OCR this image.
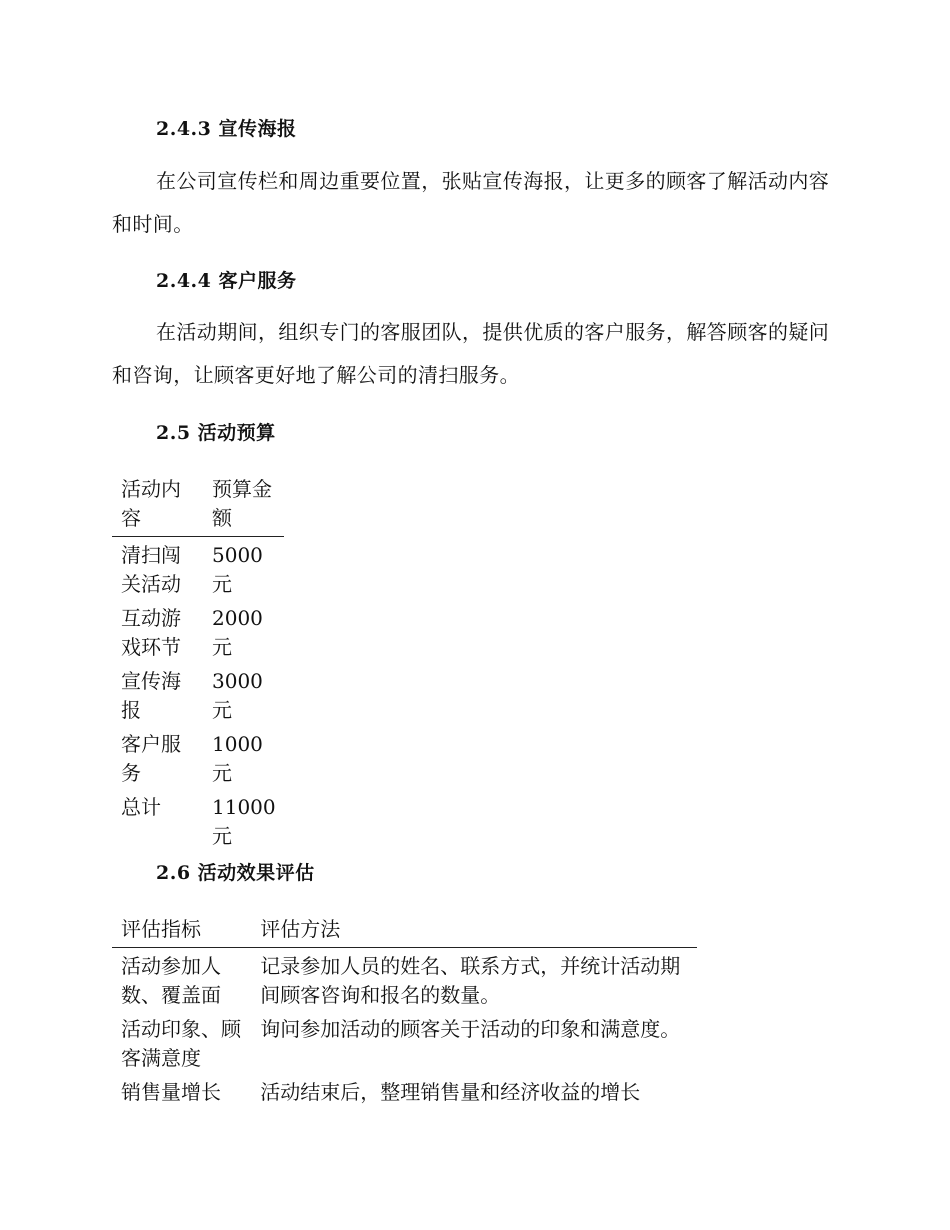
2.4.3 宣传海报
在公司宣传栏和周边重要位置，张贴宣传海报，让更多的顾客了解活动内容和时间。
2.4.4 客户服务
在活动期间，组织专门的客服团队，提供优质的客户服务，解答顾客的疑问和咨询，让顾客更好地了解公司的清扫服务。
2.5 活动预算
活动内容	预算金额
清扫闯关活动	5000元
互动游戏环节	2000元
宣传海报	3000元
客户服务	1000元
总计	11000元
2.6 活动效果评估
评估指标	评估方法
活动参加人数、覆盖面	记录参加人员的姓名、联系方式，并统计活动期间顾客咨询和报名的数量。
活动印象、顾客满意度	询问参加活动的顾客关于活动的印象和满意度。
销售量增长	活动结束后，整理销售量和经济收益的增长
